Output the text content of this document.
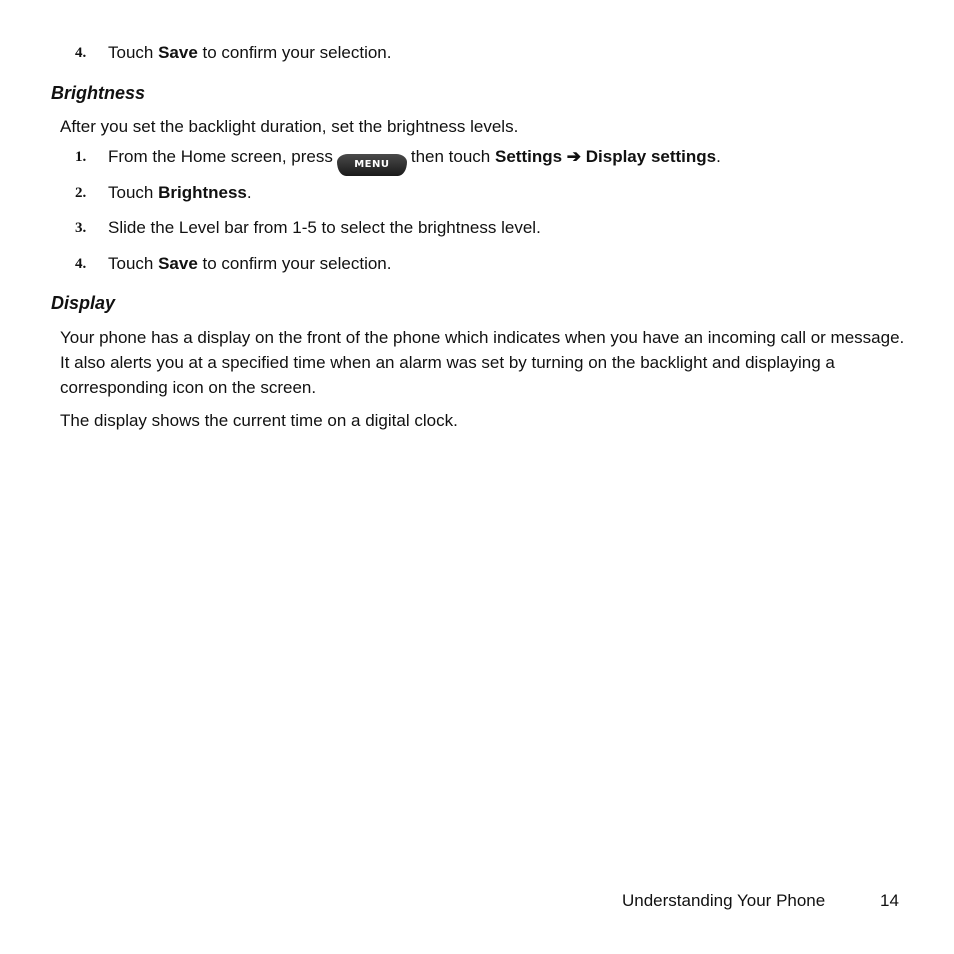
4. Touch Save to confirm your selection.
Brightness
After you set the backlight duration, set the brightness levels.
1. From the Home screen, press MENU then touch Settings ➔ Display settings.
2. Touch Brightness.
3. Slide the Level bar from 1-5 to select the brightness level.
4. Touch Save to confirm your selection.
Display
Your phone has a display on the front of the phone which indicates when you have an incoming call or message. It also alerts you at a specified time when an alarm was set by turning on the backlight and displaying a corresponding icon on the screen.
The display shows the current time on a digital clock.
Understanding Your Phone	14
